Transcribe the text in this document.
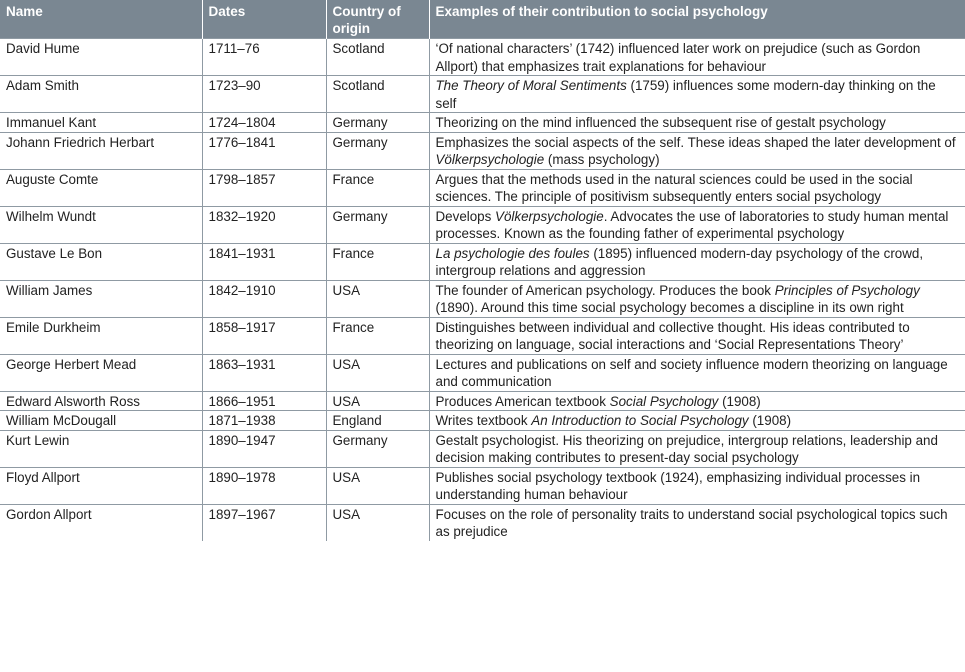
Name	Dates	Country of origin	Examples of their contribution to social psychology
David Hume	1711–76	Scotland	‘Of national characters’ (1742) influenced later work on prejudice (such as Gordon Allport) that emphasizes trait explanations for behaviour
Adam Smith	1723–90	Scotland	The Theory of Moral Sentiments (1759) influences some modern-day thinking on the self
Immanuel Kant	1724–1804	Germany	Theorizing on the mind influenced the subsequent rise of gestalt psychology
Johann Friedrich Herbart	1776–1841	Germany	Emphasizes the social aspects of the self. These ideas shaped the later development of Völkerpsychologie (mass psychology)
Auguste Comte	1798–1857	France	Argues that the methods used in the natural sciences could be used in the social sciences. The principle of positivism subsequently enters social psychology
Wilhelm Wundt	1832–1920	Germany	Develops Völkerpsychologie. Advocates the use of laboratories to study human mental processes. Known as the founding father of experimental psychology
Gustave Le Bon	1841–1931	France	La psychologie des foules (1895) influenced modern-day psychology of the crowd, intergroup relations and aggression
William James	1842–1910	USA	The founder of American psychology. Produces the book Principles of Psychology (1890). Around this time social psychology becomes a discipline in its own right
Emile Durkheim	1858–1917	France	Distinguishes between individual and collective thought. His ideas contributed to theorizing on language, social interactions and ‘Social Representations Theory’
George Herbert Mead	1863–1931	USA	Lectures and publications on self and society influence modern theorizing on language and communication
Edward Alsworth Ross	1866–1951	USA	Produces American textbook Social Psychology (1908)
William McDougall	1871–1938	England	Writes textbook An Introduction to Social Psychology (1908)
Kurt Lewin	1890–1947	Germany	Gestalt psychologist. His theorizing on prejudice, intergroup relations, leadership and decision making contributes to present-day social psychology
Floyd Allport	1890–1978	USA	Publishes social psychology textbook (1924), emphasizing individual processes in understanding human behaviour
Gordon Allport	1897–1967	USA	Focuses on the role of personality traits to understand social psychological topics such as prejudice
